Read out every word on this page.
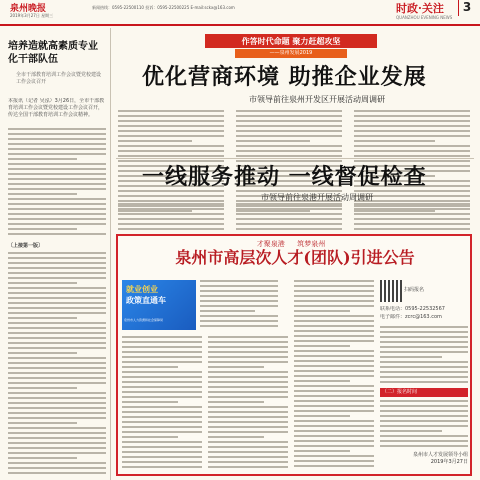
泉州晚报
2019年3月27日 星期三
新闻热线：0595-22500110 投诉：0595-22500225 E-mail:sckx@163.com	时政·关注	3
QUANZHOU EVENING NEWS
培养造就高素质专业化干部队伍
全市干部教育培训工作会议暨党校建设工作会议召开
本报讯（记者 吴泓）3月26日，全市干部教育培训工作会议暨党校建设工作会议召开，传达全国干部教育培训工作会议精神。
〔上接第一版〕
作答时代命题 聚力赶超攻坚
——泉州发展2019
优化营商环境 助推企业发展
市领导前往泉州开发区开展活动周调研
一线服务推动 一线督促检查
市领导前往泉港开展活动周调研
才聚泉港 筑梦泉州
泉州市高层次人才(团队)引进公告
就业创业
政策直通车
泉州市人力资源和社会保障局
扫码报名
联系电话：0595-22532567
电子邮件：zcrc@163.com
（二）报名时间
泉州市人才发展领导小组
2019年3月27日
